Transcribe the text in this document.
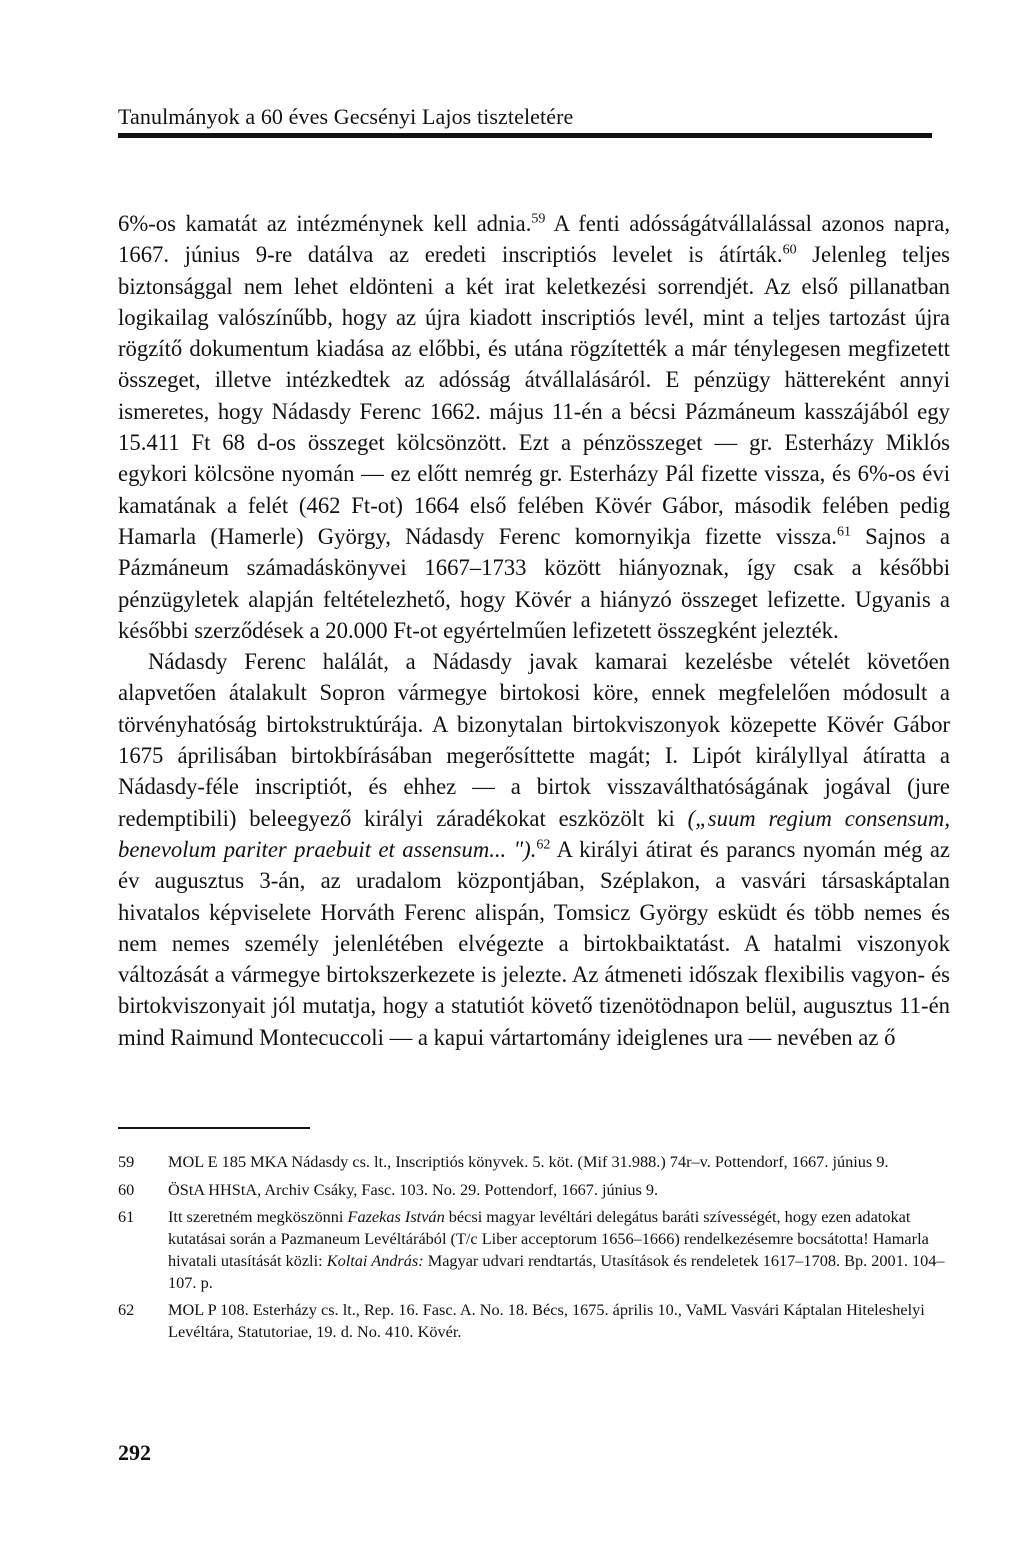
Tanulmányok a 60 éves Gecsényi Lajos tiszteletére

6%-os kamatát az intézménynek kell adnia.$^{59}$ A fenti adósságátvállalással azonos napra, 1667. június 9-re datálva az eredeti inscriptiós levelet is átírták.$^{60}$ Jelenleg teljes biztonsággal nem lehet eldönteni a két irat keletkezési sorrendjét. Az első pillanatban logikailag valószínűbb, hogy az újra kiadott inscriptiós levél, mint a teljes tartozást újra rögzítő dokumentum kiadása az előbbi, és utána rögzítették a már ténylegesen megfizetett összeget, illetve intézkedtek az adósság átvállalásáról. E pénzügy hättereként annyi ismeretes, hogy Nádasdy Ferenc 1662. május 11-én a bécsi Pázmáneum kasszájából egy 15.411 Ft 68 d-os összeget kölcsönzött. Ezt a pénzösszeget — gr. Esterházy Miklós egykori kölcsöne nyomán — ez előtt nemrég gr. Esterházy Pál fizette vissza, és 6%-os évi kamatának a felét (462 Ft-ot) 1664 első felében Kövér Gábor, második felében pedig Hamarla (Hamerle) György, Nádasdy Ferenc komornyikja fizette vissza.$^{61}$ Sajnos a Pázmáneum számadáskönyvei 1667–1733 között hiányoznak, így csak a későbbi pénzügyletek alapján feltételezhető, hogy Kövér a hiányzó összeget lefizette. Ugyanis a későbbi szerződések a 20.000 Ft-ot egyértelműen lefizetett összegként jelezték.

Nádasdy Ferenc halálát, a Nádasdy javak kamarai kezelésbe vételét követően alapvetően átalakult Sopron vármegye birtokosi köre, ennek megfelelően módosult a törvényhatóság birtokstruktúrája. A bizonytalan birtokviszonyok közepette Kövér Gábor 1675 áprilisában birtokbírásában megerősíttette magát; I. Lipót királyllyal átíratta a Nádasdy-féle inscriptiót, és ehhez — a birtok visszaválthatóságának jogával (jure redemptibili) beleegyező királyi záradékokat eszközölt ki („suum regium consensum, benevolum pariter praebuit et assensum... ").$^{62}$ A királyi átirat és parancs nyomán még az év augusztus 3-án, az uradalom központjában, Széplakon, a vasvári társaskáptalan hivatalos képviselete Horváth Ferenc alispán, Tomsicz György esküdt és több nemes és nem nemes személy jelenlétében elvégezte a birtokbaiktatást. A hatalmi viszonyok változását a vármegye birtokszerkezete is jelezte. Az átmeneti időszak flexibilis vagyon- és birtokviszonyait jól mutatja, hogy a statutiót követő tizenötödnapon belül, augusztus 11-én mind Raimund Montecuccoli — a kapui vártartomány ideiglenes ura — nevében az ő

59 MOL E 185 MKA Nádasdy cs. lt., Inscriptiós könyvek. 5. köt. (Mif 31.988.) 74r–v. Pottendorf, 1667. június 9.

60 ÖStA HHStA, Archiv Csáky, Fasc. 103. No. 29. Pottendorf, 1667. június 9.

61 Itt szeretném megköszönni Fazekas István bécsi magyar levéltári delegátus baráti szívességét, hogy ezen adatokat kutatásai során a Pazmaneum Levéltárából (T/c Liber acceptorum 1656–1666) rendelkezésemre bocsátotta! Hamarla hivatali utasítását közli: Koltai András: Magyar udvari rendtartás, Utasítások és rendeletek 1617–1708. Bp. 2001. 104–107. p.

62 MOL P 108. Esterházy cs. lt., Rep. 16. Fasc. A. No. 18. Bécs, 1675. április 10., VaML Vasvári Káptalan Hiteleshelyi Levéltára, Statutoriae, 19. d. No. 410. Kövér.

292
